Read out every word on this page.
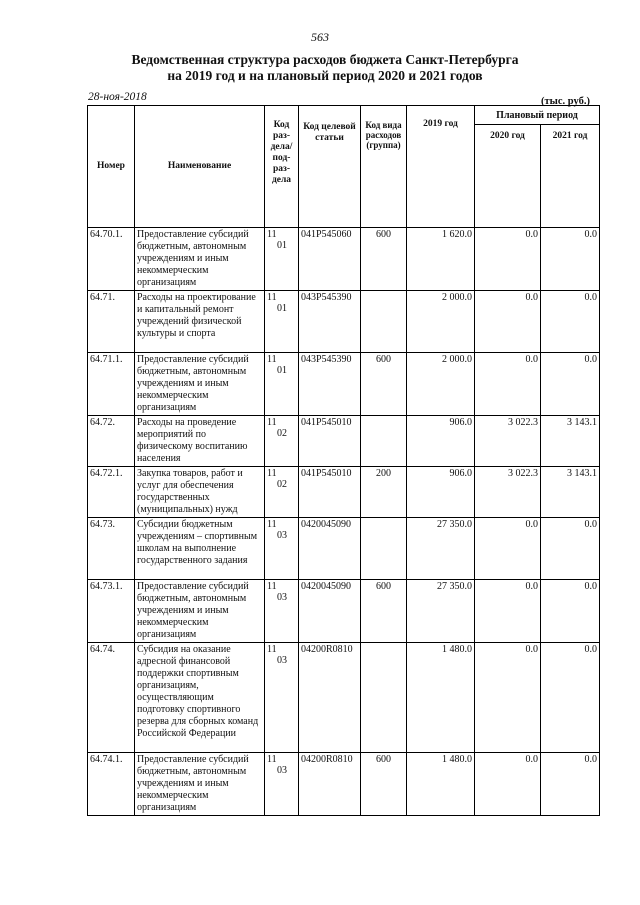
563
Ведомственная структура расходов бюджета Санкт-Петербурга
на 2019 год и на плановый период 2020 и 2021 годов
28-ноя-2018	(тыс. руб.)
Номер	Наименование	Код раз- дела/ под- раз- дела	Код целевой статьи	Код вида расходов (группа)	2019 год	Плановый период	
						2020 год	2021 год
64.70.1.	Предоставление субсидий бюджетным, автономным учреждениям и иным некоммерческим организациям	1101	041P545060	600	1 620.0	0.0	0.0
64.71.	Расходы на проектирование и капитальный ремонт учреждений физической культуры и спорта	1101	043P545390		2 000.0	0.0	0.0
64.71.1.	Предоставление субсидий бюджетным, автономным учреждениям и иным некоммерческим организациям	1101	043P545390	600	2 000.0	0.0	0.0
64.72.	Расходы на проведение мероприятий по физическому воспитанию населения	1102	041P545010		906.0	3 022.3	3 143.1
64.72.1.	Закупка товаров, работ и услуг для обеспечения государственных (муниципальных) нужд	1102	041P545010	200	906.0	3 022.3	3 143.1
64.73.	Субсидии бюджетным учреждениям – спортивным школам на выполнение государственного задания	1103	0420045090		27 350.0	0.0	0.0
64.73.1.	Предоставление субсидий бюджетным, автономным учреждениям и иным некоммерческим организациям	1103	0420045090	600	27 350.0	0.0	0.0
64.74.	Субсидия на оказание адресной финансовой поддержки спортивным организациям, осуществляющим подготовку спортивного резерва для сборных команд Российской Федерации	1103	04200R0810		1 480.0	0.0	0.0
64.74.1.	Предоставление субсидий бюджетным, автономным учреждениям и иным некоммерческим организациям	1103	04200R0810	600	1 480.0	0.0	0.0
